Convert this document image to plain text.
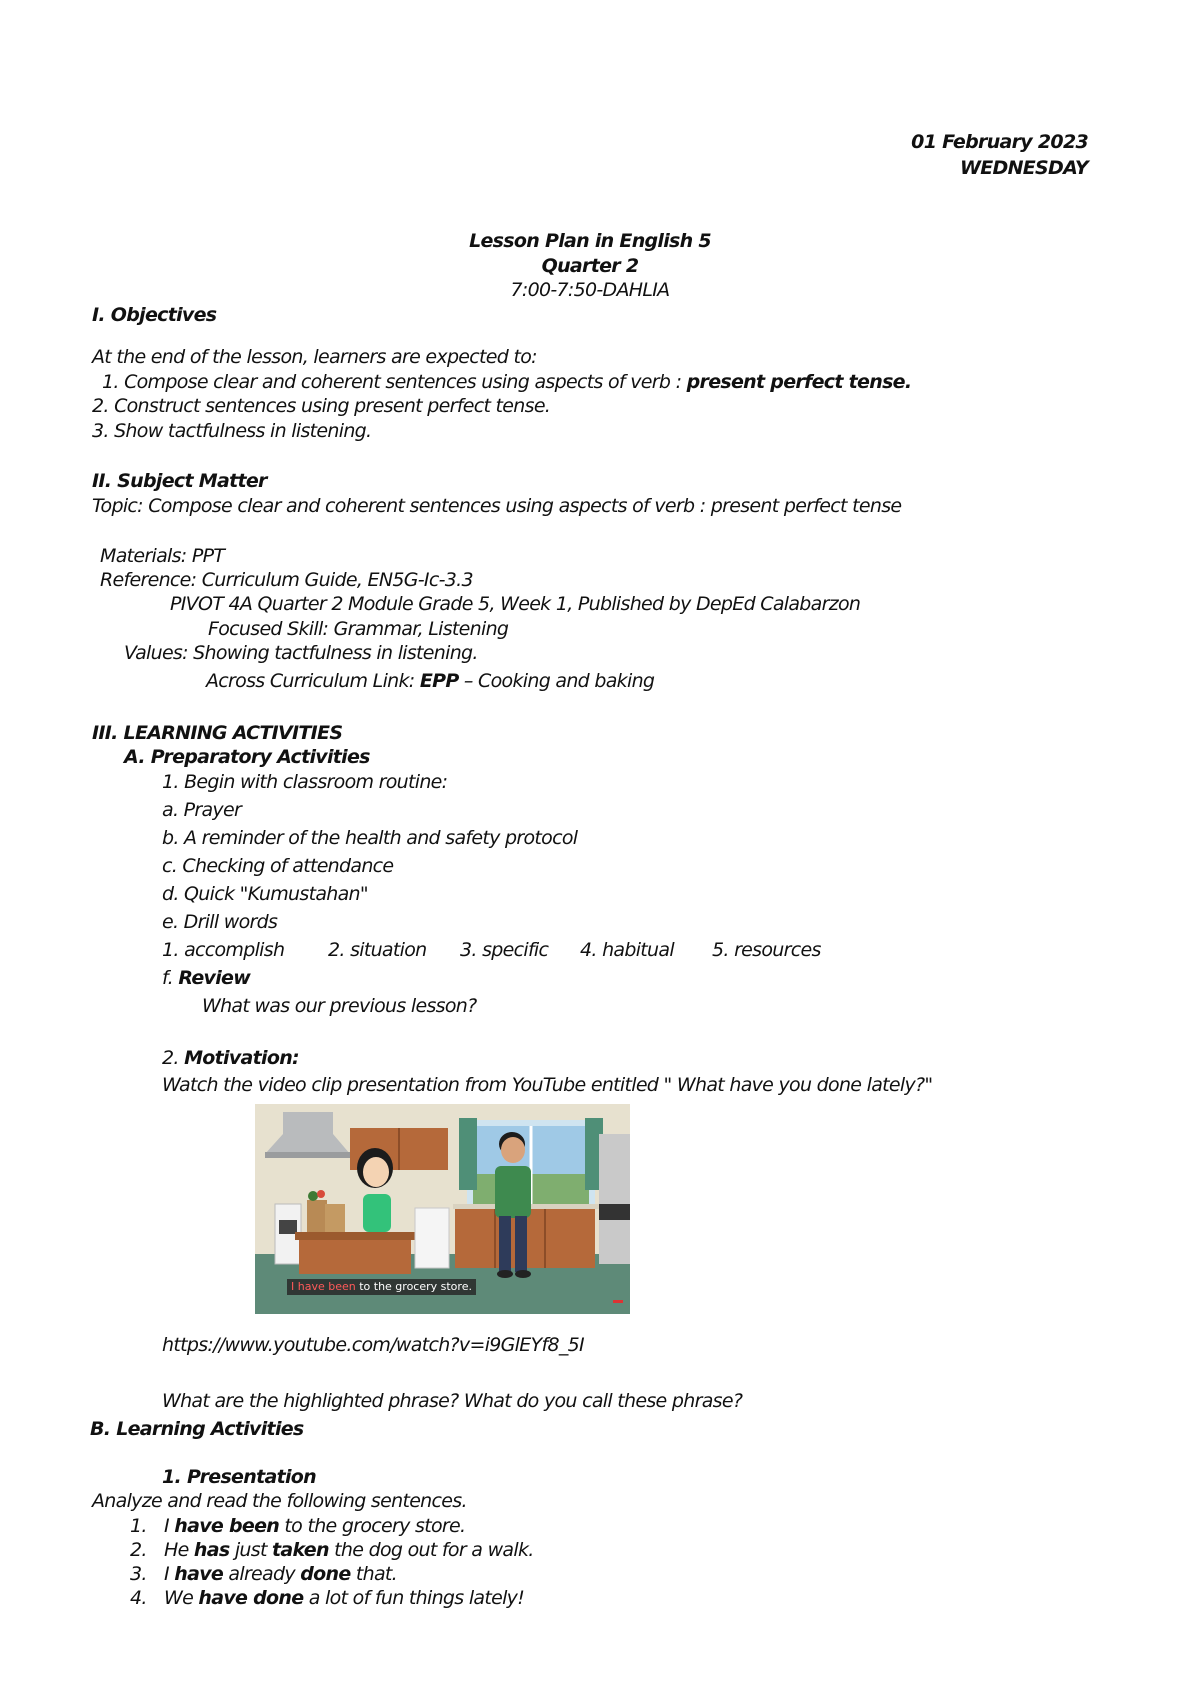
01 February 2023
WEDNESDAY
Lesson Plan in English 5
Quarter 2
7:00-7:50-DAHLIA
I. Objectives
At the end of the lesson, learners are expected to:
1. Compose clear and coherent sentences using aspects of verb : present perfect tense.
2. Construct sentences using present perfect tense.
3. Show tactfulness in listening.
II. Subject Matter
Topic: Compose clear and coherent sentences using aspects of verb : present perfect tense
Materials: PPT
Reference: Curriculum Guide, EN5G-Ic-3.3
PIVOT 4A Quarter 2 Module Grade 5, Week 1, Published by DepEd Calabarzon
Focused Skill: Grammar, Listening
Values: Showing tactfulness in listening.
Across Curriculum Link: EPP – Cooking and baking
III. LEARNING ACTIVITIES
A. Preparatory Activities
1. Begin with classroom routine:
a. Prayer
b. A reminder of the health and safety protocol
c. Checking of attendance
d. Quick "Kumustahan"
e. Drill words
1. accomplish 2. situation 3. specific 4. habitual 5. resources
f. Review
What was our previous lesson?
2. Motivation:
Watch the video clip presentation from YouTube entitled " What have you done lately?"
I have been to the grocery store.
https://www.youtube.com/watch?v=i9GlEYf8_5I
What are the highlighted phrase? What do you call these phrase?
B. Learning Activities
1. Presentation
Analyze and read the following sentences.
1. I have been to the grocery store.
2. He has just taken the dog out for a walk.
3. I have already done that.
4. We have done a lot of fun things lately!
